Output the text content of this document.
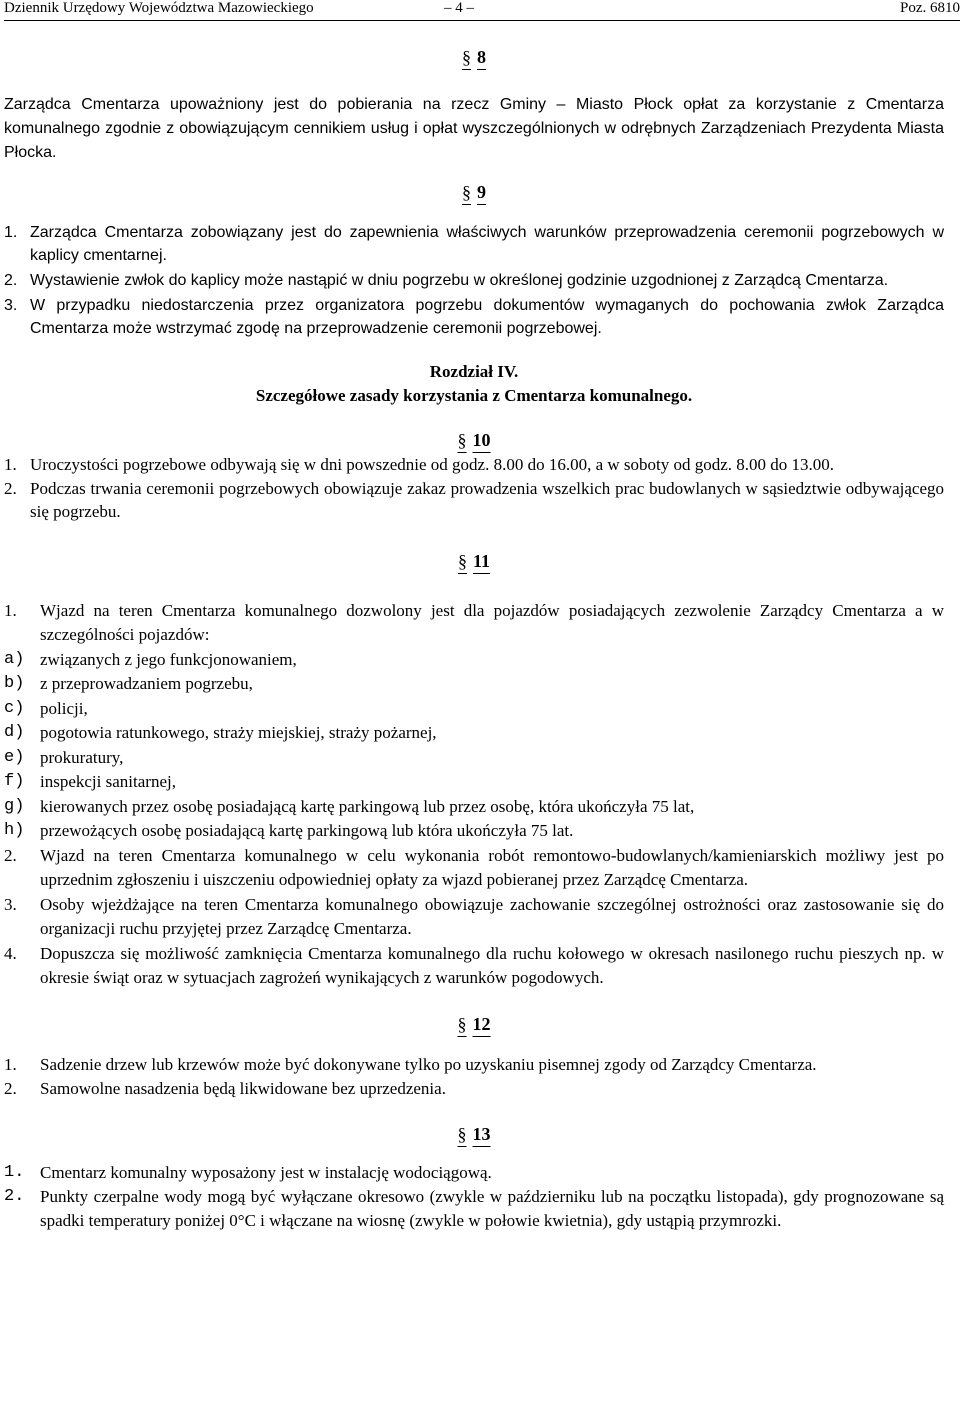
Dziennik Urzędowy Województwa Mazowieckiego	– 4 –	Poz. 6810
§ 8
Zarządca Cmentarza upoważniony jest do pobierania na rzecz Gminy – Miasto Płock opłat za korzystanie z Cmentarza komunalnego zgodnie z obowiązującym cennikiem usług i opłat wyszczególnionych w odrębnych Zarządzeniach Prezydenta Miasta Płocka.
§ 9
1. Zarządca Cmentarza zobowiązany jest do zapewnienia właściwych warunków przeprowadzenia ceremonii pogrzebowych w kaplicy cmentarnej.
2. Wystawienie zwłok do kaplicy może nastąpić w dniu pogrzebu w określonej godzinie uzgodnionej z Zarządcą Cmentarza.
3. W przypadku niedostarczenia przez organizatora pogrzebu dokumentów wymaganych do pochowania zwłok Zarządca Cmentarza może wstrzymać zgodę na przeprowadzenie ceremonii pogrzebowej.
Rozdział IV.
Szczegółowe zasady korzystania z Cmentarza komunalnego.
§ 10
1. Uroczystości pogrzebowe odbywają się w dni powszednie od godz. 8.00 do 16.00, a w soboty od godz. 8.00 do 13.00.
2. Podczas trwania ceremonii pogrzebowych obowiązuje zakaz prowadzenia wszelkich prac budowlanych w sąsiedztwie odbywającego się pogrzebu.
§ 11
1. Wjazd na teren Cmentarza komunalnego dozwolony jest dla pojazdów posiadających zezwolenie Zarządcy Cmentarza a w szczególności pojazdów:
a) związanych z jego funkcjonowaniem,
b) z przeprowadzaniem pogrzebu,
c) policji,
d) pogotowia ratunkowego, straży miejskiej, straży pożarnej,
e) prokuratury,
f) inspekcji sanitarnej,
g) kierowanych przez osobę posiadającą kartę parkingową lub przez osobę, która ukończyła 75 lat,
h) przewożących osobę posiadającą kartę parkingową lub która ukończyła 75 lat.
2. Wjazd na teren Cmentarza komunalnego w celu wykonania robót remontowo-budowlanych/kamieniarskich możliwy jest po uprzednim zgłoszeniu i uiszczeniu odpowiedniej opłaty za wjazd pobieranej przez Zarządcę Cmentarza.
3. Osoby wjeżdżające na teren Cmentarza komunalnego obowiązuje zachowanie szczególnej ostrożności oraz zastosowanie się do organizacji ruchu przyjętej przez Zarządcę Cmentarza.
4. Dopuszcza się możliwość zamknięcia Cmentarza komunalnego dla ruchu kołowego w okresach nasilonego ruchu pieszych np. w okresie świąt oraz w sytuacjach zagrożeń wynikających z warunków pogodowych.
§ 12
1. Sadzenie drzew lub krzewów może być dokonywane tylko po uzyskaniu pisemnej zgody od Zarządcy Cmentarza.
2. Samowolne nasadzenia będą likwidowane bez uprzedzenia.
§ 13
1. Cmentarz komunalny wyposażony jest w instalację wodociągową.
2. Punkty czerpalne wody mogą być wyłączane okresowo (zwykle w październiku lub na początku listopada), gdy prognozowane są spadki temperatury poniżej 0°C i włączane na wiosnę (zwykle w połowie kwietnia), gdy ustąpią przymrozki.
